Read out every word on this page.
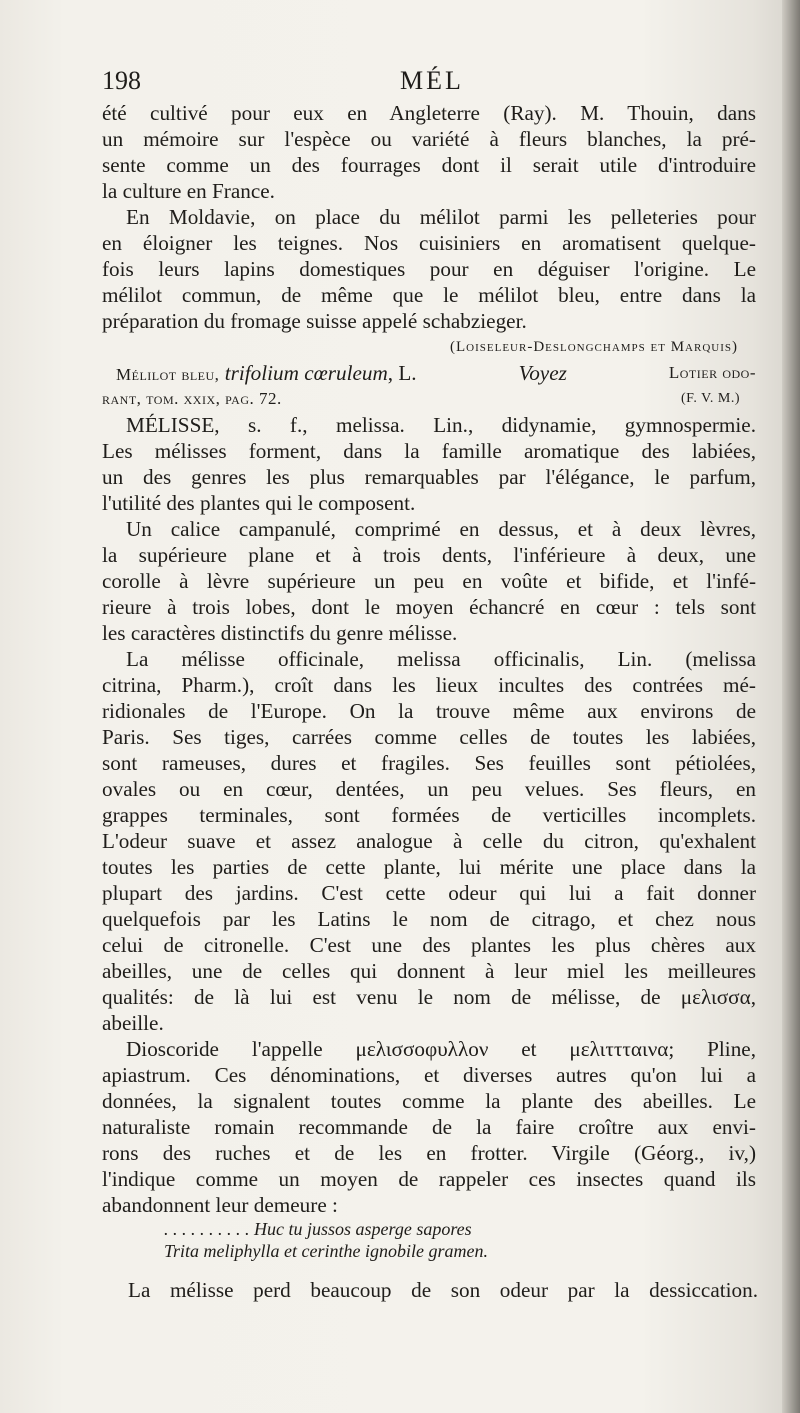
198	MÉL
été cultivé pour eux en Angleterre (Ray). M. Thouin, dans
un mémoire sur l'espèce ou variété à fleurs blanches, la pré-
sente comme un des fourrages dont il serait utile d'introduire
la culture en France.
En Moldavie, on place du mélilot parmi les pelleteries pour
en éloigner les teignes. Nos cuisiniers en aromatisent quelque-
fois leurs lapins domestiques pour en déguiser l'origine. Le
mélilot commun, de même que le mélilot bleu, entre dans la
préparation du fromage suisse appelé schabzieger.
(Loiseleur-Deslongchamps et Marquis)
Mélilot bleu, trifolium cœruleum, L.	Voyez	Lotier odo-
rant, tom. xxix, pag. 72.	(F. V. M.)
MÉLISSE, s. f., melissa. Lin., didynamie, gymnospermie.
Les mélisses forment, dans la famille aromatique des labiées,
un des genres les plus remarquables par l'élégance, le parfum,
l'utilité des plantes qui le composent.
Un calice campanulé, comprimé en dessus, et à deux lèvres,
la supérieure plane et à trois dents, l'inférieure à deux, une
corolle à lèvre supérieure un peu en voûte et bifide, et l'infé-
rieure à trois lobes, dont le moyen échancré en cœur : tels sont
les caractères distinctifs du genre mélisse.
La mélisse officinale, melissa officinalis, Lin. (melissa
citrina, Pharm.), croît dans les lieux incultes des contrées mé-
ridionales de l'Europe. On la trouve même aux environs de
Paris. Ses tiges, carrées comme celles de toutes les labiées,
sont rameuses, dures et fragiles. Ses feuilles sont pétiolées,
ovales ou en cœur, dentées, un peu velues. Ses fleurs, en
grappes terminales, sont formées de verticilles incomplets.
L'odeur suave et assez analogue à celle du citron, qu'exhalent
toutes les parties de cette plante, lui mérite une place dans la
plupart des jardins. C'est cette odeur qui lui a fait donner
quelquefois par les Latins le nom de citrago, et chez nous
celui de citronelle. C'est une des plantes les plus chères aux
abeilles, une de celles qui donnent à leur miel les meilleures
qualités: de là lui est venu le nom de mélisse, de μελισσα,
abeille.
Dioscoride l'appelle μελισσοφυλλον et μελιττταινα; Pline,
apiastrum. Ces dénominations, et diverses autres qu'on lui a
données, la signalent toutes comme la plante des abeilles. Le
naturaliste romain recommande de la faire croître aux envi-
rons des ruches et de les en frotter. Virgile (Géorg., iv,)
l'indique comme un moyen de rappeler ces insectes quand ils
abandonnent leur demeure :
. . . . . . . . . . Huc tu jussos asperge sapores
Trita meliphylla et cerinthe ignobile gramen.
La mélisse perd beaucoup de son odeur par la dessiccation.
